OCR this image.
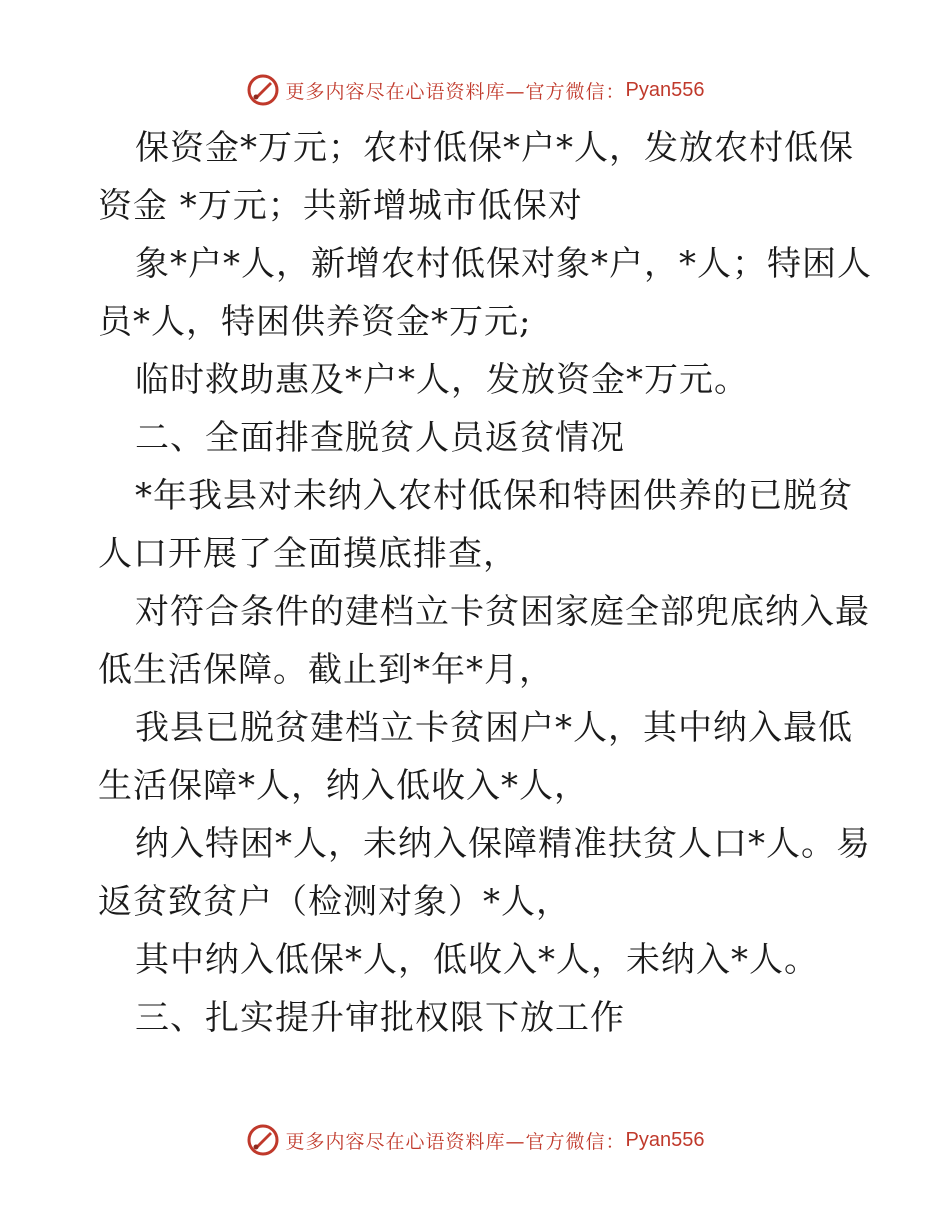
更多内容尽在心语资料库—官方微信： Pyan556

保资金*万元；农村低保*户*人，发放农村低保

资金 *万元；共新增城市低保对

象*户*人，新增农村低保对象*户，*人；特困人

员*人，特困供养资金*万元;

临时救助惠及*户*人，发放资金*万元。

二、全面排查脱贫人员返贫情况

*年我县对未纳入农村低保和特困供养的已脱贫

人口开展了全面摸底排查，

对符合条件的建档立卡贫困家庭全部兜底纳入最

低生活保障。截止到*年*月，

我县已脱贫建档立卡贫困户*人，其中纳入最低

生活保障*人，纳入低收入*人，

纳入特困*人，未纳入保障精准扶贫人口*人。易

返贫致贫户（检测对象）*人，

其中纳入低保*人，低收入*人，未纳入*人。

三、扎实提升审批权限下放工作

更多内容尽在心语资料库—官方微信： Pyan556
